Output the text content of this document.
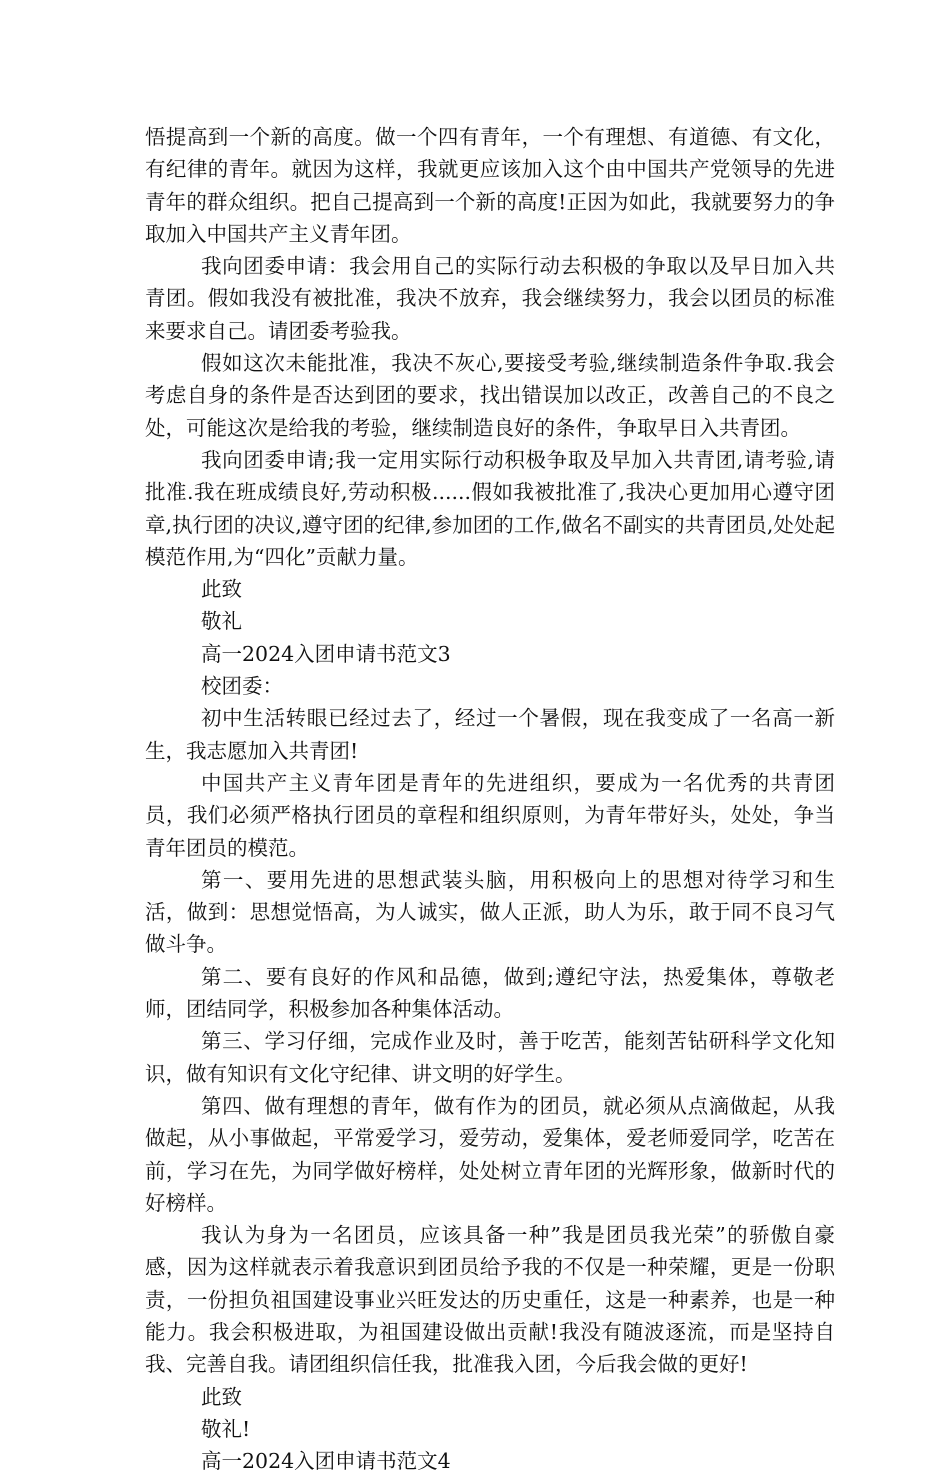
悟提高到一个新的高度。做一个四有青年，一个有理想、有道德、有文化，有纪律的青年。就因为这样，我就更应该加入这个由中国共产党领导的先进青年的群众组织。把自己提高到一个新的高度!正因为如此，我就要努力的争取加入中国共产主义青年团。

我向团委申请：我会用自己的实际行动去积极的争取以及早日加入共青团。假如我没有被批准，我决不放弃，我会继续努力，我会以团员的标准来要求自己。请团委考验我。

假如这次未能批准，我决不灰心,要接受考验,继续制造条件争取.我会考虑自身的条件是否达到团的要求，找出错误加以改正，改善自己的不良之处，可能这次是给我的考验，继续制造良好的条件，争取早日入共青团。

我向团委申请;我一定用实际行动积极争取及早加入共青团,请考验,请批准.我在班成绩良好,劳动积极......假如我被批准了,我决心更加用心遵守团章,执行团的决议,遵守团的纪律,参加团的工作,做名不副实的共青团员,处处起模范作用,为“四化”贡献力量。

此致

敬礼

高一2024入团申请书范文3

校团委：

初中生活转眼已经过去了，经过一个暑假，现在我变成了一名高一新生，我志愿加入共青团!

中国共产主义青年团是青年的先进组织，要成为一名优秀的共青团员，我们必须严格执行团员的章程和组织原则，为青年带好头，处处，争当青年团员的模范。

第一、要用先进的思想武装头脑，用积极向上的思想对待学习和生活，做到：思想觉悟高，为人诚实，做人正派，助人为乐，敢于同不良习气做斗争。

第二、要有良好的作风和品德，做到;遵纪守法，热爱集体，尊敬老师，团结同学，积极参加各种集体活动。

第三、学习仔细，完成作业及时，善于吃苦，能刻苦钻研科学文化知识，做有知识有文化守纪律、讲文明的好学生。

第四、做有理想的青年，做有作为的团员，就必须从点滴做起，从我做起，从小事做起，平常爱学习，爱劳动，爱集体，爱老师爱同学，吃苦在前，学习在先，为同学做好榜样，处处树立青年团的光辉形象，做新时代的好榜样。

我认为身为一名团员，应该具备一种”我是团员我光荣”的骄傲自豪感，因为这样就表示着我意识到团员给予我的不仅是一种荣耀，更是一份职责，一份担负祖国建设事业兴旺发达的历史重任，这是一种素养，也是一种能力。我会积极进取，为祖国建设做出贡献!我没有随波逐流，而是坚持自我、完善自我。请团组织信任我，批准我入团，今后我会做的更好!

此致

敬礼!

高一2024入团申请书范文4
